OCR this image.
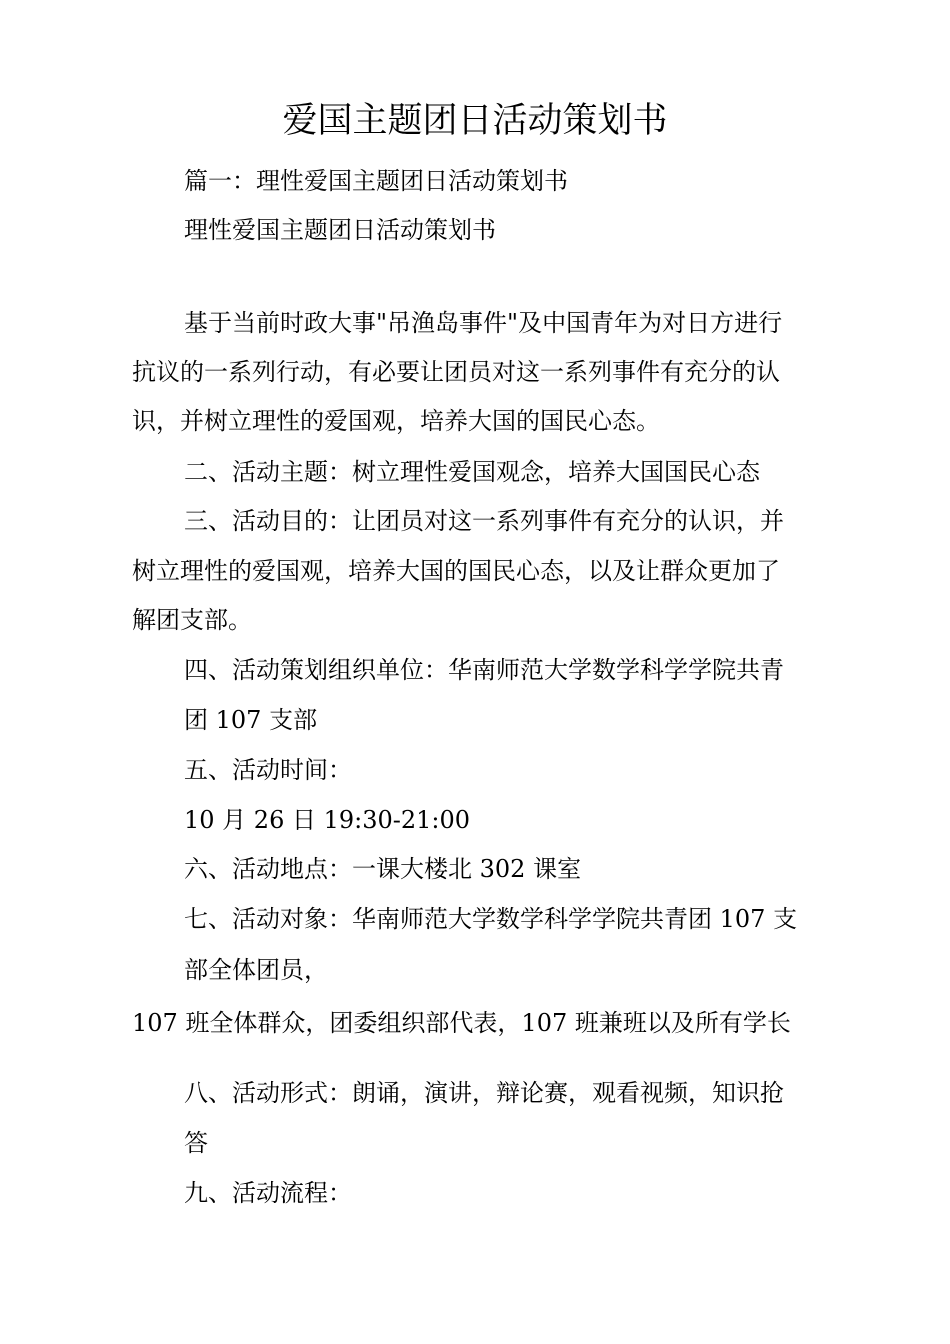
爱国主题团日活动策划书
篇一：理性爱国主题团日活动策划书
理性爱国主题团日活动策划书
基于当前时政大事"吊渔岛事件"及中国青年为对日方进行
抗议的一系列行动，有必要让团员对这一系列事件有充分的认
识，并树立理性的爱国观，培养大国的国民心态。
二、活动主题：树立理性爱国观念，培养大国国民心态
三、活动目的：让团员对这一系列事件有充分的认识，并
树立理性的爱国观，培养大国的国民心态，以及让群众更加了
解团支部。
四、活动策划组织单位：华南师范大学数学科学学院共青
团 107 支部
五、活动时间：
10 月 26 日 19:30-21:00
六、活动地点：一课大楼北 302 课室
七、活动对象：华南师范大学数学科学学院共青团 107 支
部全体团员，
107 班全体群众，团委组织部代表，107 班兼班以及所有学长
八、活动形式：朗诵，演讲，辩论赛，观看视频，知识抢
答
九、活动流程：
